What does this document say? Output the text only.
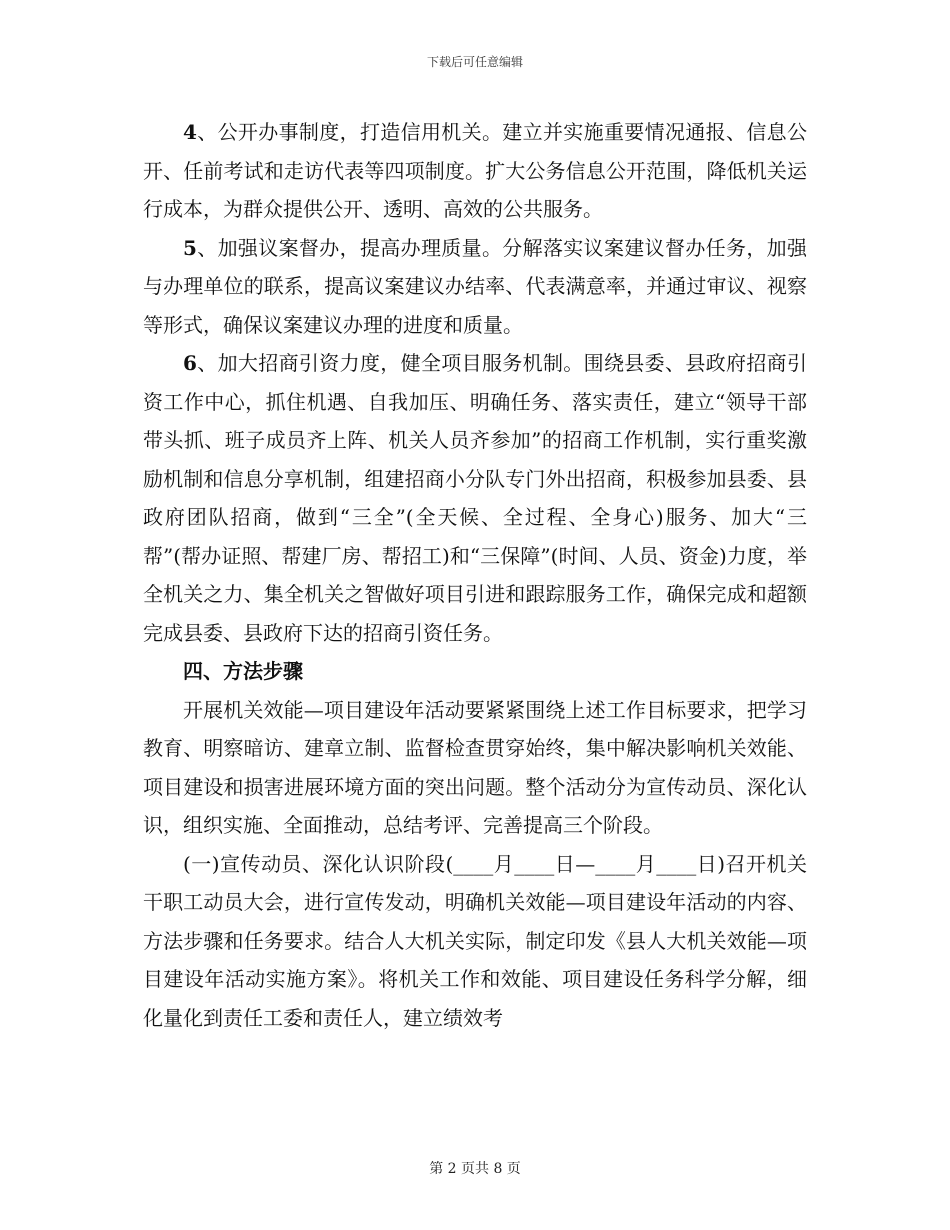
下载后可任意编辑

4、公开办事制度，打造信用机关。建立并实施重要情况通报、信息公开、任前考试和走访代表等四项制度。扩大公务信息公开范围，降低机关运行成本，为群众提供公开、透明、高效的公共服务。

5、加强议案督办，提高办理质量。分解落实议案建议督办任务，加强与办理单位的联系，提高议案建议办结率、代表满意率，并通过审议、视察等形式，确保议案建议办理的进度和质量。

6、加大招商引资力度，健全项目服务机制。围绕县委、县政府招商引资工作中心，抓住机遇、自我加压、明确任务、落实责任，建立“领导干部带头抓、班子成员齐上阵、机关人员齐参加”的招商工作机制，实行重奖激励机制和信息分享机制，组建招商小分队专门外出招商，积极参加县委、县政府团队招商，做到“三全”(全天候、全过程、全身心)服务、加大“三帮”(帮办证照、帮建厂房、帮招工)和“三保障”(时间、人员、资金)力度，举全机关之力、集全机关之智做好项目引进和跟踪服务工作，确保完成和超额完成县委、县政府下达的招商引资任务。

四、方法步骤

开展机关效能—项目建设年活动要紧紧围绕上述工作目标要求，把学习教育、明察暗访、建章立制、监督检查贯穿始终，集中解决影响机关效能、项目建设和损害进展环境方面的突出问题。整个活动分为宣传动员、深化认识，组织实施、全面推动，总结考评、完善提高三个阶段。

(一)宣传动员、深化认识阶段(____月____日—____月____日)召开机关干职工动员大会，进行宣传发动，明确机关效能—项目建设年活动的内容、方法步骤和任务要求。结合人大机关实际，制定印发《县人大机关效能—项目建设年活动实施方案》。将机关工作和效能、项目建设任务科学分解，细化量化到责任工委和责任人，建立绩效考

第 2 页共 8 页
